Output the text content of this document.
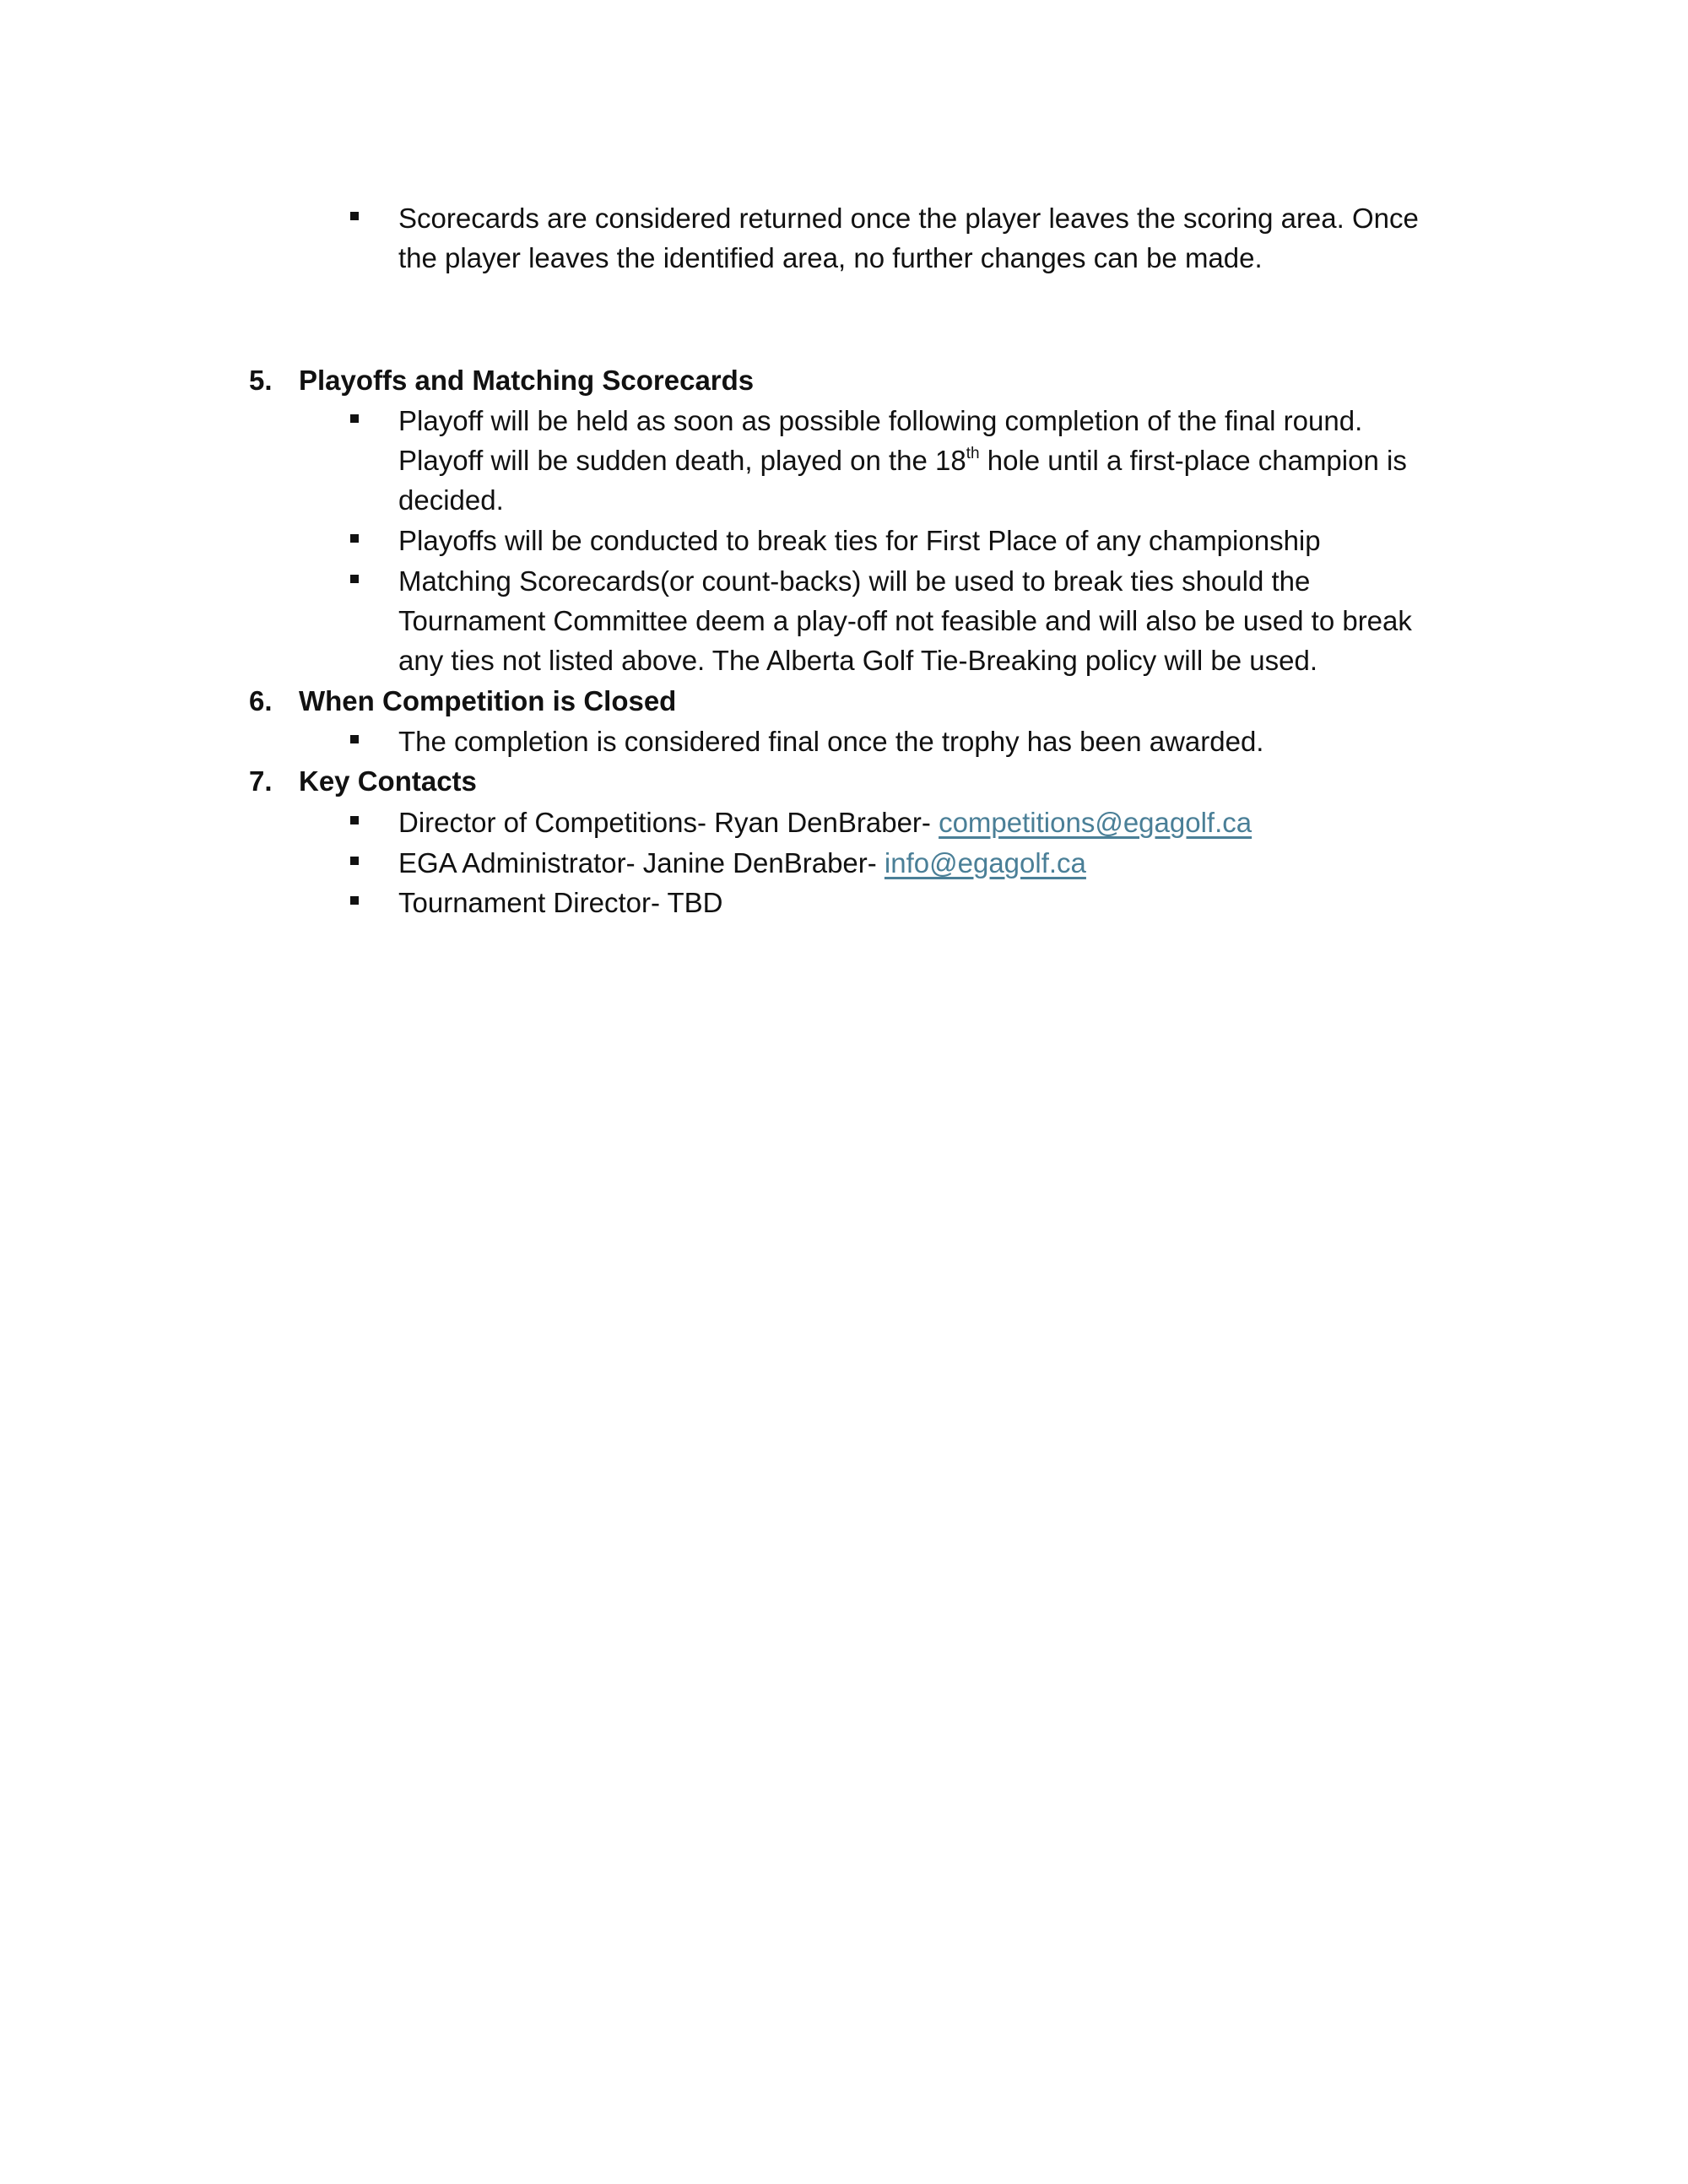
Scorecards are considered returned once the player leaves the scoring area. Once
the player leaves the identified area, no further changes can be made.
5. Playoffs and Matching Scorecards
Playoff will be held as soon as possible following completion of the final round.
Playoff will be sudden death, played on the 18th hole until a first-place champion is
decided.
Playoffs will be conducted to break ties for First Place of any championship
Matching Scorecards(or count-backs) will be used to break ties should the
Tournament Committee deem a play-off not feasible and will also be used to break
any ties not listed above. The Alberta Golf Tie-Breaking policy will be used.
6. When Competition is Closed
The completion is considered final once the trophy has been awarded.
7. Key Contacts
Director of Competitions- Ryan DenBraber- competitions@egagolf.ca
EGA Administrator- Janine DenBraber- info@egagolf.ca
Tournament Director- TBD
